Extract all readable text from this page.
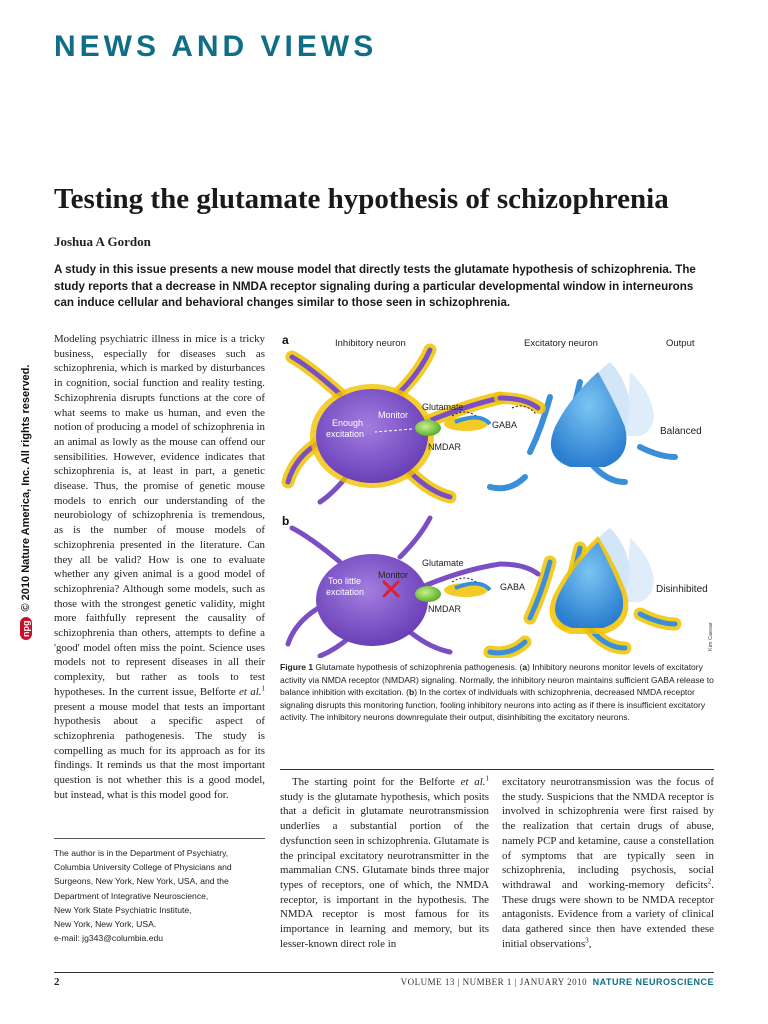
NEWS AND VIEWS
Testing the glutamate hypothesis of schizophrenia
Joshua A Gordon

A study in this issue presents a new mouse model that directly tests the glutamate hypothesis of schizophrenia. The study reports that a decrease in NMDA receptor signaling during a particular developmental window in interneurons can induce cellular and behavioral changes similar to those seen in schizophrenia.

npg
© 2010 Nature America, Inc. All rights reserved.

Modeling psychiatric illness in mice is a tricky business, especially for diseases such as schizophrenia, which is marked by disturbances in cognition, social function and reality testing. Schizophrenia disrupts functions at the core of what seems to make us human, and even the notion of producing a model of schizophrenia in an animal as lowly as the mouse can offend our sensibilities. However, evidence indicates that schizophrenia is, at least in part, a genetic disease. Thus, the promise of genetic mouse models to enrich our understanding of the neurobiology of schizophrenia is tremendous, as is the number of mouse models of schizophrenia presented in the literature. Can they all be valid? How is one to evaluate whether any given animal is a good model of schizophrenia? Although some models, such as those with the strongest genetic validity, might more faithfully represent the causality of schizophrenia than others, attempts to define a 'good' model often miss the point. Science uses models not to represent diseases in all their complexity, but rather as tools to test hypotheses. In the current issue, Belforte et al.$^1$ present a mouse model that tests an important hypothesis about a specific aspect of schizophrenia pathogenesis. The study is compelling as much for its approach as for its findings. It reminds us that the most important question is not whether this is a good model, but instead, what is this model good for.

The author is in the Department of Psychiatry,
Columbia University College of Physicians and
Surgeons, New York, New York, USA, and the
Department of Integrative Neuroscience,
New York State Psychiatric Institute,
New York, New York, USA.
e-mail: jg343@columbia.edu
a
b
Inhibitory neuron	Excitatory neuron	Output
Glutamate
Monitor
Enough
excitation
NMDAR
GABA
Balanced
Glutamate
Monitor
Too little
excitation
NMDAR
GABA	Disinhibited
Kim Caesar

Figure 1 Glutamate hypothesis of schizophrenia pathogenesis. (a) Inhibitory neurons monitor levels of excitatory activity via NMDA receptor (NMDAR) signaling. Normally, the inhibitory neuron maintains sufficient GABA release to balance inhibition with excitation. (b) In the cortex of individuals with schizophrenia, decreased NMDA receptor signaling disrupts this monitoring function, fooling inhibitory neurons into acting as if there is insufficient excitatory activity. The inhibitory neurons downregulate their output, disinhibiting the excitatory neurons.

The starting point for the Belforte et al.$^1$ study is the glutamate hypothesis, which posits that a deficit in glutamate neurotransmission underlies a substantial portion of the dysfunction seen in schizophrenia. Glutamate is the principal excitatory neurotransmitter in the mammalian CNS. Glutamate binds three major types of receptors, one of which, the NMDA receptor, is important in the hypothesis. The NMDA receptor is most famous for its importance in learning and memory, but its lesser-known direct role in

excitatory neurotransmission was the focus of the study. Suspicions that the NMDA receptor is involved in schizophrenia were first raised by the realization that certain drugs of abuse, namely PCP and ketamine, cause a constellation of symptoms that are typically seen in schizophrenia, including psychosis, social withdrawal and working-memory deficits$^2$. These drugs were shown to be NMDA receptor antagonists. Evidence from a variety of clinical data gathered since then have extended these initial observations$^3$,

2	VOLUME 13 | NUMBER 1 | JANUARY 2010 NATURE NEUROSCIENCE
